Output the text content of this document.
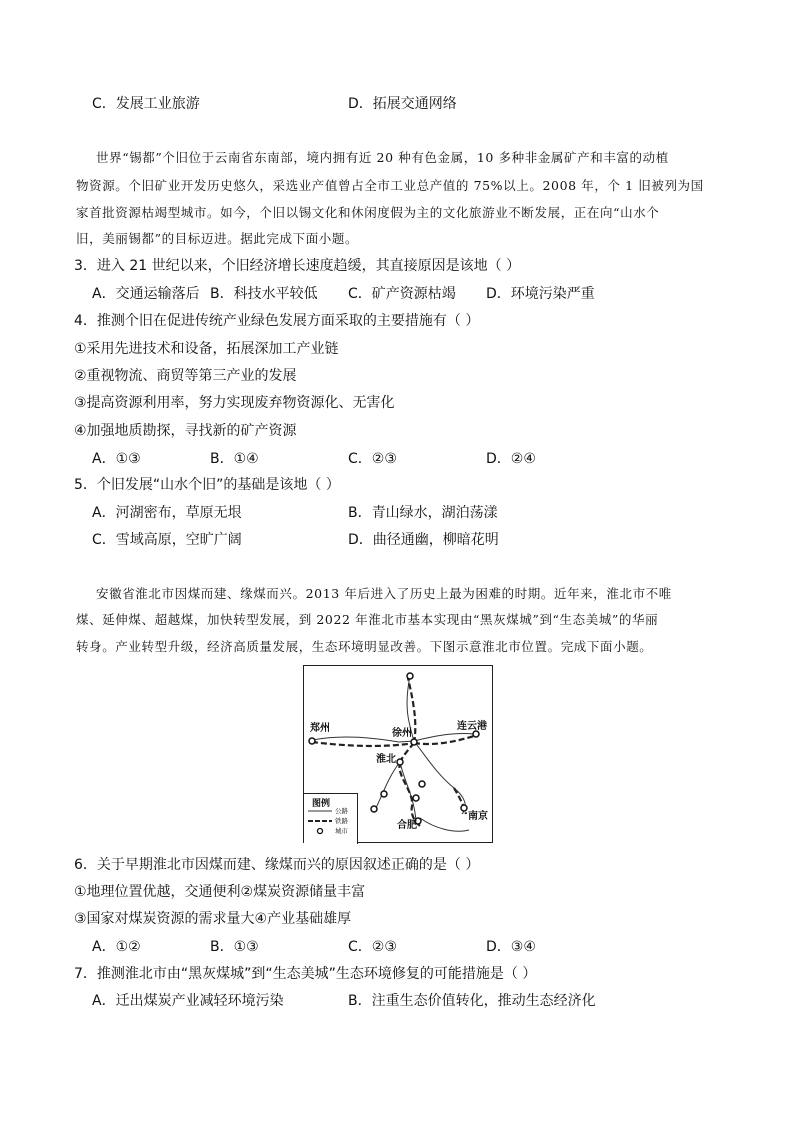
C．发展工业旅游	D．拓展交通网络
世界“锡都”个旧位于云南省东南部，境内拥有近 20 种有色金属，10 多种非金属矿产和丰富的动植
物资源。个旧矿业开发历史悠久，采选业产值曾占全市工业总产值的 75%以上。2008 年，个 1 旧被列为国
家首批资源枯竭型城市。如今，个旧以锡文化和休闲度假为主的文化旅游业不断发展，正在向“山水个
旧，美丽锡都”的目标迈进。据此完成下面小题。
3．进入 21 世纪以来，个旧经济增长速度趋缓，其直接原因是该地（ ）
A．交通运输落后 B．科技水平较低 C．矿产资源枯竭 D．环境污染严重
4．推测个旧在促进传统产业绿色发展方面采取的主要措施有（ ）
①采用先进技术和设备，拓展深加工产业链
②重视物流、商贸等第三产业的发展
③提高资源利用率，努力实现废弃物资源化、无害化
④加强地质勘探，寻找新的矿产资源
A．①③	B．①④	C．②③	D．②④
5．个旧发展“山水个旧”的基础是该地（ ）
A．河湖密布，草原无垠	B．青山绿水，湖泊荡漾
C．雪域高原，空旷广阔	D．曲径通幽，柳暗花明
安徽省淮北市因煤而建、缘煤而兴。2013 年后进入了历史上最为困难的时期。近年来，淮北市不唯
煤、延伸煤、超越煤，加快转型发展，到 2022 年淮北市基本实现由“黑灰煤城”到“生态美城”的华丽
转身。产业转型升级，经济高质量发展，生态环境明显改善。下图示意淮北市位置。完成下面小题。
郑州	徐州
连云港
淮北
南京
合肥
图例
公路
铁路
城市
6．关于早期淮北市因煤而建、缘煤而兴的原因叙述正确的是（ ）
①地理位置优越，交通便利②煤炭资源储量丰富
③国家对煤炭资源的需求量大④产业基础雄厚
A．①②	B．①③	C．②③	D．③④
7．推测淮北市由“黑灰煤城”到“生态美城”生态环境修复的可能措施是（ ）
A．迁出煤炭产业减轻环境污染	B．注重生态价值转化，推动生态经济化
